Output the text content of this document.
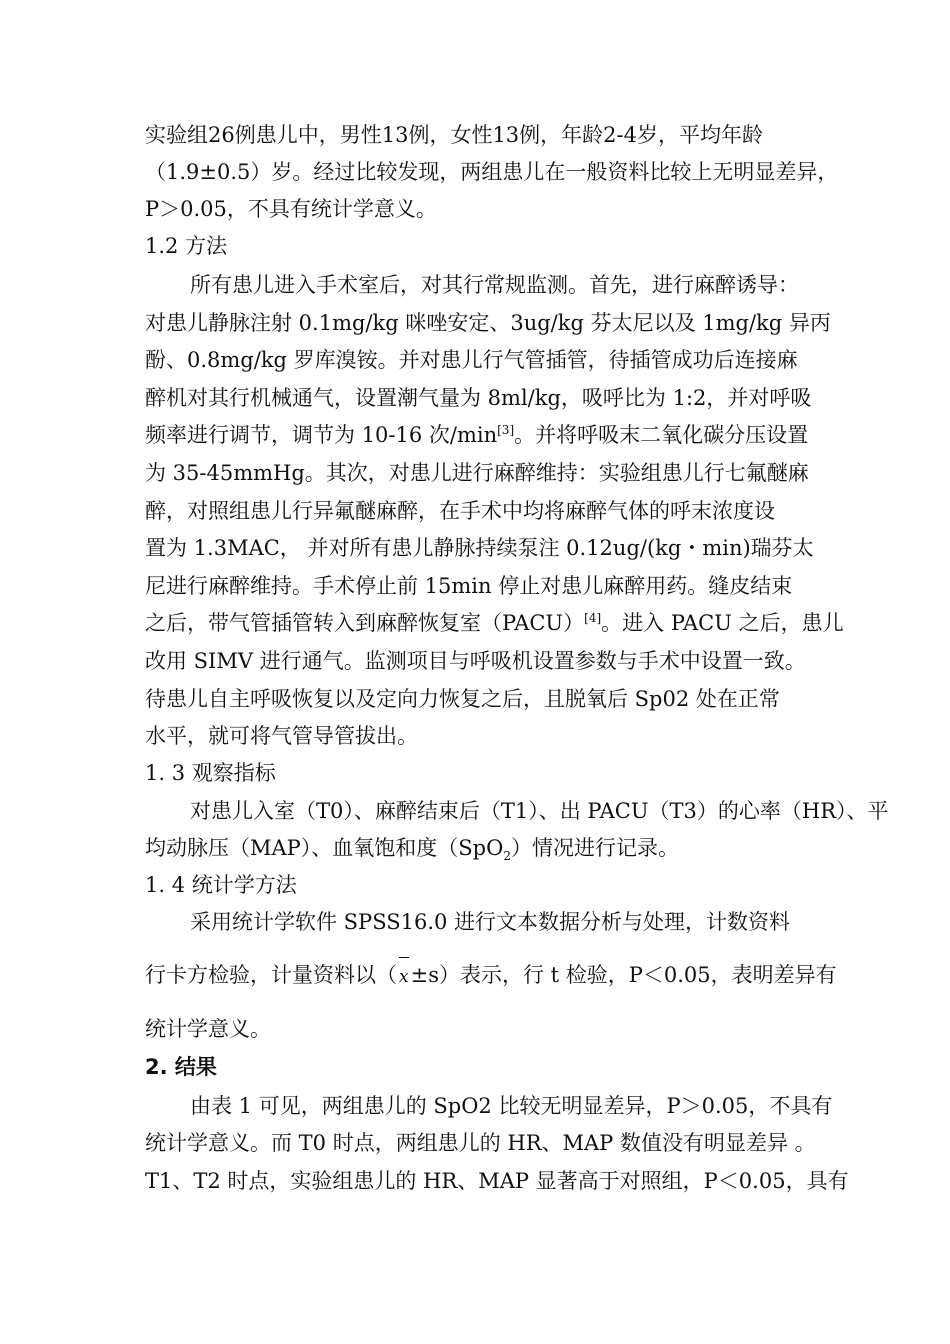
实验组26例患儿中，男性13例，女性13例，年龄2-4岁，平均年龄
（1.9±0.5）岁。经过比较发现，两组患儿在一般资料比较上无明显差异，
P＞0.05，不具有统计学意义。
1.2 方法
所有患儿进入手术室后，对其行常规监测。首先，进行麻醉诱导：
对患儿静脉注射 0.1mg/kg 咪唑安定、3ug/kg 芬太尼以及 1mg/kg 异丙
酚、0.8mg/kg 罗库溴铵。并对患儿行气管插管，待插管成功后连接麻
醉机对其行机械通气，设置潮气量为 8ml/kg，吸呼比为 1:2，并对呼吸
频率进行调节，调节为 10-16 次/min[3]。并将呼吸末二氧化碳分压设置
为 35-45mmHg。其次，对患儿进行麻醉维持：实验组患儿行七氟醚麻
醉，对照组患儿行异氟醚麻醉，在手术中均将麻醉气体的呼末浓度设
置为 1.3MAC， 并对所有患儿静脉持续泵注 0.12ug/(kg・min)瑞芬太
尼进行麻醉维持。手术停止前 15min 停止对患儿麻醉用药。缝皮结束
之后，带气管插管转入到麻醉恢复室（PACU）[4]。进入 PACU 之后，患儿
改用 SIMV 进行通气。监测项目与呼吸机设置参数与手术中设置一致。
待患儿自主呼吸恢复以及定向力恢复之后，且脱氧后 Sp02 处在正常
水平，就可将气管导管拔出。
1. 3 观察指标
对患儿入室（T0）、麻醉结束后（T1）、出 PACU（T3）的心率（HR）、平
均动脉压（MAP）、血氧饱和度（SpO$_2$）情况进行记录。
1. 4 统计学方法
采用统计学软件 SPSS16.0 进行文本数据分析与处理，计数资料
行卡方检验，计量资料以（ x±s）表示，行 t 检验，P＜0.05，表明差异有
统计学意义。
2. 结果
由表 1 可见，两组患儿的 SpO2 比较无明显差异，P＞0.05，不具有
统计学意义。而 T0 时点，两组患儿的 HR、MAP 数值没有明显差异 。
T1、T2 时点，实验组患儿的 HR、MAP 显著高于对照组，P＜0.05，具有
